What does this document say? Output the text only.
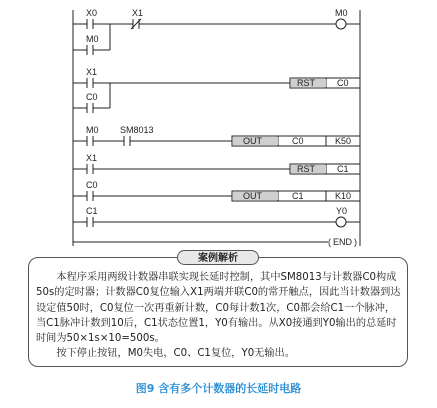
X0	X1	M0
M0
X1
C0
M0 SM8013
X1
C0
C1	Y0
RST C0
OUT	C0	K50
RST C1
OUT	C1	K10
( END )
案例解析

本程序采用两级计数器串联实现长延时控制，其中SM8013与计数器C0构成50s的定时器；计数器C0复位输入X1两端并联C0的常开触点，因此当计数器到达设定值50时，C0复位一次再重新计数，C0每计数1次，C0都会给C1一个脉冲，当C1脉冲计数到10后，C1状态位置1，Y0有输出。从X0接通到Y0输出的总延时时间为50×1s×10=500s。

按下停止按钮，M0失电，C0、C1复位，Y0无输出。

图9 含有多个计数器的长延时电路
